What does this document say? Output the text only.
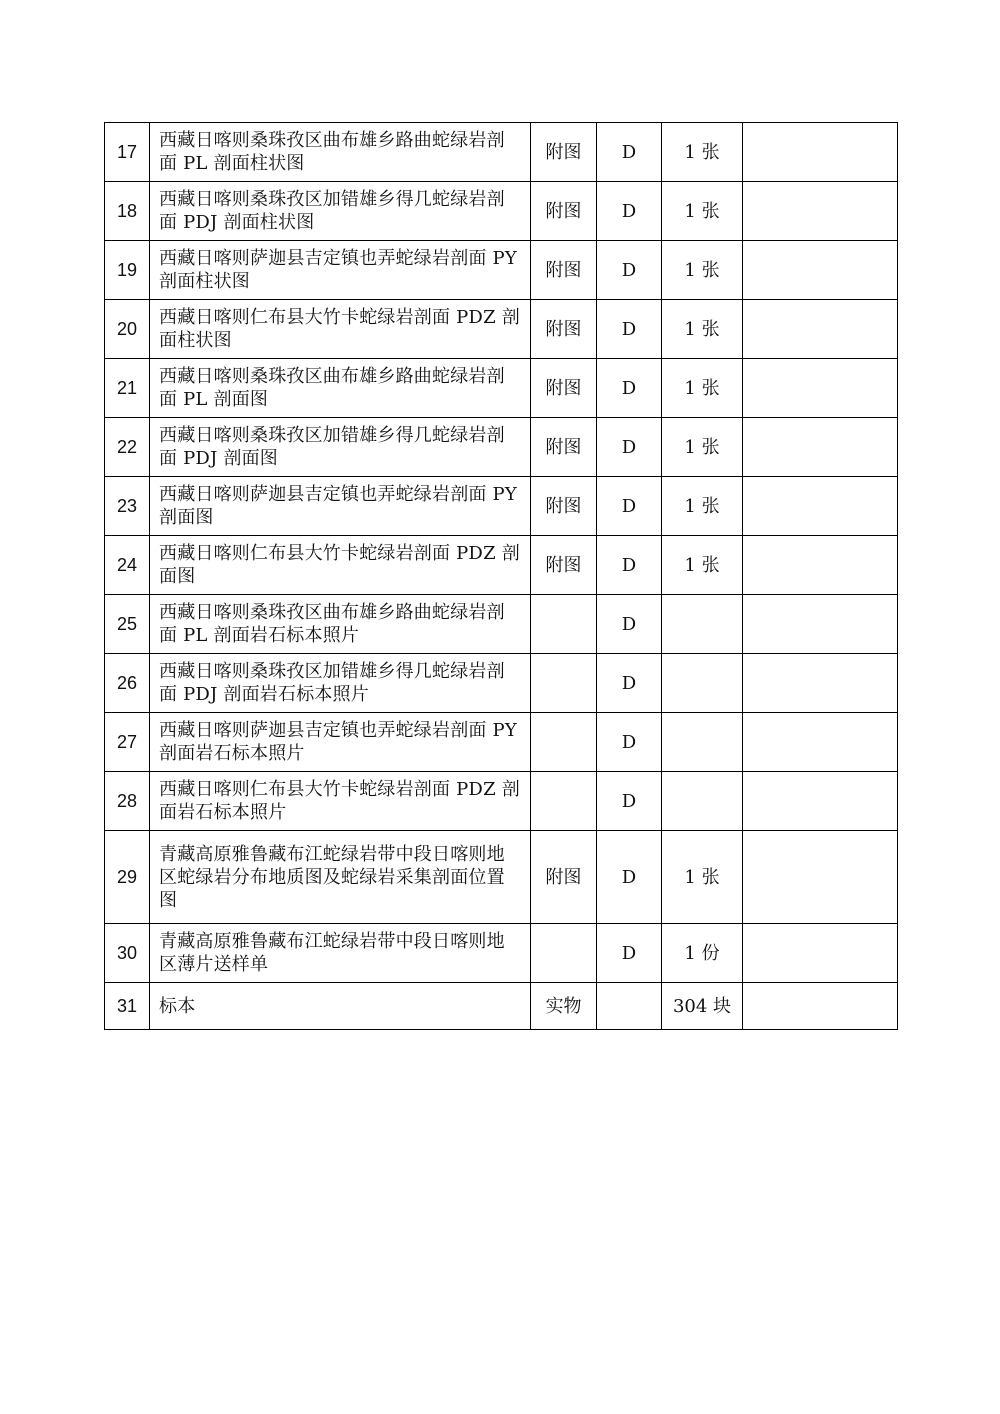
17	西藏日喀则桑珠孜区曲布雄乡路曲蛇绿岩剖面 PL 剖面柱状图	附图	D	1 张	
18	西藏日喀则桑珠孜区加错雄乡得几蛇绿岩剖面 PDJ 剖面柱状图	附图	D	1 张	
19	西藏日喀则萨迦县吉定镇也弄蛇绿岩剖面 PY 剖面柱状图	附图	D	1 张	
20	西藏日喀则仁布县大竹卡蛇绿岩剖面 PDZ 剖面柱状图	附图	D	1 张	
21	西藏日喀则桑珠孜区曲布雄乡路曲蛇绿岩剖面 PL 剖面图	附图	D	1 张	
22	西藏日喀则桑珠孜区加错雄乡得几蛇绿岩剖面 PDJ 剖面图	附图	D	1 张	
23	西藏日喀则萨迦县吉定镇也弄蛇绿岩剖面 PY 剖面图	附图	D	1 张	
24	西藏日喀则仁布县大竹卡蛇绿岩剖面 PDZ 剖面图	附图	D	1 张	
25	西藏日喀则桑珠孜区曲布雄乡路曲蛇绿岩剖面 PL 剖面岩石标本照片		D		
26	西藏日喀则桑珠孜区加错雄乡得几蛇绿岩剖面 PDJ 剖面岩石标本照片		D		
27	西藏日喀则萨迦县吉定镇也弄蛇绿岩剖面 PY 剖面岩石标本照片		D		
28	西藏日喀则仁布县大竹卡蛇绿岩剖面 PDZ 剖面岩石标本照片		D		
29	青藏高原雅鲁藏布江蛇绿岩带中段日喀则地区蛇绿岩分布地质图及蛇绿岩采集剖面位置图	附图	D	1 张	
30	青藏高原雅鲁藏布江蛇绿岩带中段日喀则地区薄片送样单		D	1 份	
31	标本	实物		304 块	
